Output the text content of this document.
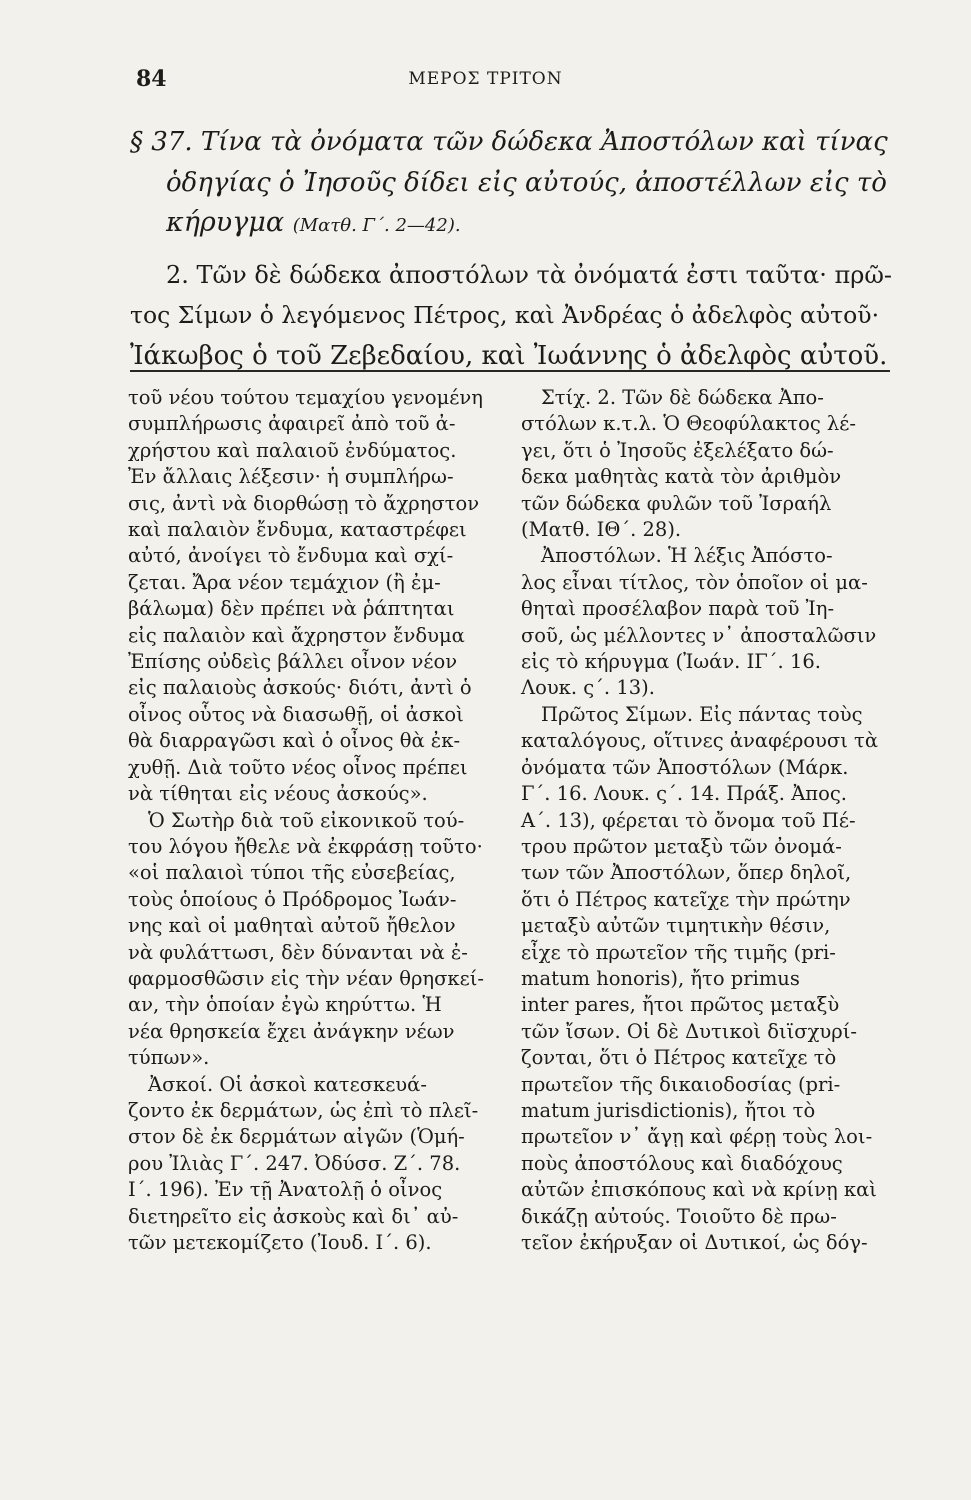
84	ΜΕΡΟΣ ΤΡΙΤΟΝ
§ 37. Τίνα τὰ ὀνόματα τῶν δώδεκα Ἀποστόλων καὶ τίνας
ὁδηγίας ὁ Ἰησοῦς δίδει εἰς αὐτούς, ἀποστέλλων εἰς τὸ
κήρυγμα (Ματθ. Γ΄. 2—42).
2. Τῶν δὲ δώδεκα ἀποστόλων τὰ ὀνόματά ἐστι ταῦτα· πρῶ-
τος Σίμων ὁ λεγόμενος Πέτρος, καὶ Ἀνδρέας ὁ ἀδελφὸς αὐτοῦ·
Ἰάκωβος ὁ τοῦ Ζεβεδαίου, καὶ Ἰωάννης ὁ ἀδελφὸς αὐτοῦ.
τοῦ νέου τούτου τεμαχίου γενομένη
συμπλήρωσις ἀφαιρεῖ ἀπὸ τοῦ ἀ-
χρήστου καὶ παλαιοῦ ἐνδύματος.
Ἐν ἄλλαις λέξεσιν· ἡ συμπλήρω-
σις, ἀντὶ νὰ διορθώσῃ τὸ ἄχρηστον
καὶ παλαιὸν ἔνδυμα, καταστρέφει
αὐτό, ἀνοίγει τὸ ἔνδυμα καὶ σχί-
ζεται. Ἄρα νέον τεμάχιον (ἢ ἐμ-
βάλωμα) δὲν πρέπει νὰ ῥάπτηται
εἰς παλαιὸν καὶ ἄχρηστον ἔνδυμα
Ἐπίσης οὐδεὶς βάλλει οἶνον νέον
εἰς παλαιοὺς ἀσκούς· διότι, ἀντὶ ὁ
οἶνος οὗτος νὰ διασωθῇ, οἱ ἀσκοὶ
θὰ διαρραγῶσι καὶ ὁ οἶνος θὰ ἐκ-
χυθῇ. Διὰ τοῦτο νέος οἶνος πρέπει
νὰ τίθηται εἰς νέους ἀσκούς».
Ὁ Σωτὴρ διὰ τοῦ εἰκονικοῦ τού-
του λόγου ἤθελε νὰ ἐκφράσῃ τοῦτο·
«οἱ παλαιοὶ τύποι τῆς εὐσεβείας,
τοὺς ὁποίους ὁ Πρόδρομος Ἰωάν-
νης καὶ οἱ μαθηταὶ αὐτοῦ ἤθελον
νὰ φυλάττωσι, δὲν δύνανται νὰ ἐ-
φαρμοσθῶσιν εἰς τὴν νέαν θρησκεί-
αν, τὴν ὁποίαν ἐγὼ κηρύττω. Ἡ
νέα θρησκεία ἔχει ἀνάγκην νέων
τύπων».
Ἀσκοί. Οἱ ἀσκοὶ κατεσκευά-
ζοντο ἐκ δερμάτων, ὡς ἐπὶ τὸ πλεῖ-
στον δὲ ἐκ δερμάτων αἰγῶν (Ὁμή-
ρου Ἰλιὰς Γ΄. 247. Ὀδύσσ. Ζ΄. 78.
Ι΄. 196). Ἐν τῇ Ἀνατολῇ ὁ οἶνος
διετηρεῖτο εἰς ἀσκοὺς καὶ δι᾽ αὐ-
τῶν μετεκομίζετο (Ἰουδ. Ι΄. 6).
Στίχ. 2. Τῶν δὲ δώδεκα Ἀπο-
στόλων κ.τ.λ. Ὁ Θεοφύλακτος λέ-
γει, ὅτι ὁ Ἰησοῦς ἐξελέξατο δώ-
δεκα μαθητὰς κατὰ τὸν ἀριθμὸν
τῶν δώδεκα φυλῶν τοῦ Ἰσραήλ
(Ματθ. ΙΘ΄. 28).
Ἀποστόλων. Ἡ λέξις Ἀπόστο-
λος εἶναι τίτλος, τὸν ὁποῖον οἱ μα-
θηταὶ προσέλαβον παρὰ τοῦ Ἰη-
σοῦ, ὡς μέλλοντες ν᾽ ἀποσταλῶσιν
εἰς τὸ κήρυγμα (Ἰωάν. ΙΓ΄. 16.
Λουκ. ς΄. 13).
Πρῶτος Σίμων. Εἰς πάντας τοὺς
καταλόγους, οἵτινες ἀναφέρουσι τὰ
ὀνόματα τῶν Ἀποστόλων (Μάρκ.
Γ΄. 16. Λουκ. ς΄. 14. Πράξ. Ἀπος.
Α΄. 13), φέρεται τὸ ὄνομα τοῦ Πέ-
τρου πρῶτον μεταξὺ τῶν ὀνομά-
των τῶν Ἀποστόλων, ὅπερ δηλοῖ,
ὅτι ὁ Πέτρος κατεῖχε τὴν πρώτην
μεταξὺ αὐτῶν τιμητικὴν θέσιν,
εἶχε τὸ πρωτεῖον τῆς τιμῆς (pri-
matum honoris), ἤτο primus
inter pares, ἤτοι πρῶτος μεταξὺ
τῶν ἴσων. Οἱ δὲ Δυτικοὶ διϊσχυρί-
ζονται, ὅτι ὁ Πέτρος κατεῖχε τὸ
πρωτεῖον τῆς δικαιοδοσίας (pri-
matum jurisdictionis), ἤτοι τὸ
πρωτεῖον ν᾽ ἄγῃ καὶ φέρῃ τοὺς λοι-
ποὺς ἀποστόλους καὶ διαδόχους
αὐτῶν ἐπισκόπους καὶ νὰ κρίνῃ καὶ
δικάζῃ αὐτούς. Τοιοῦτο δὲ πρω-
τεῖον ἐκήρυξαν οἱ Δυτικοί, ὡς δόγ-
